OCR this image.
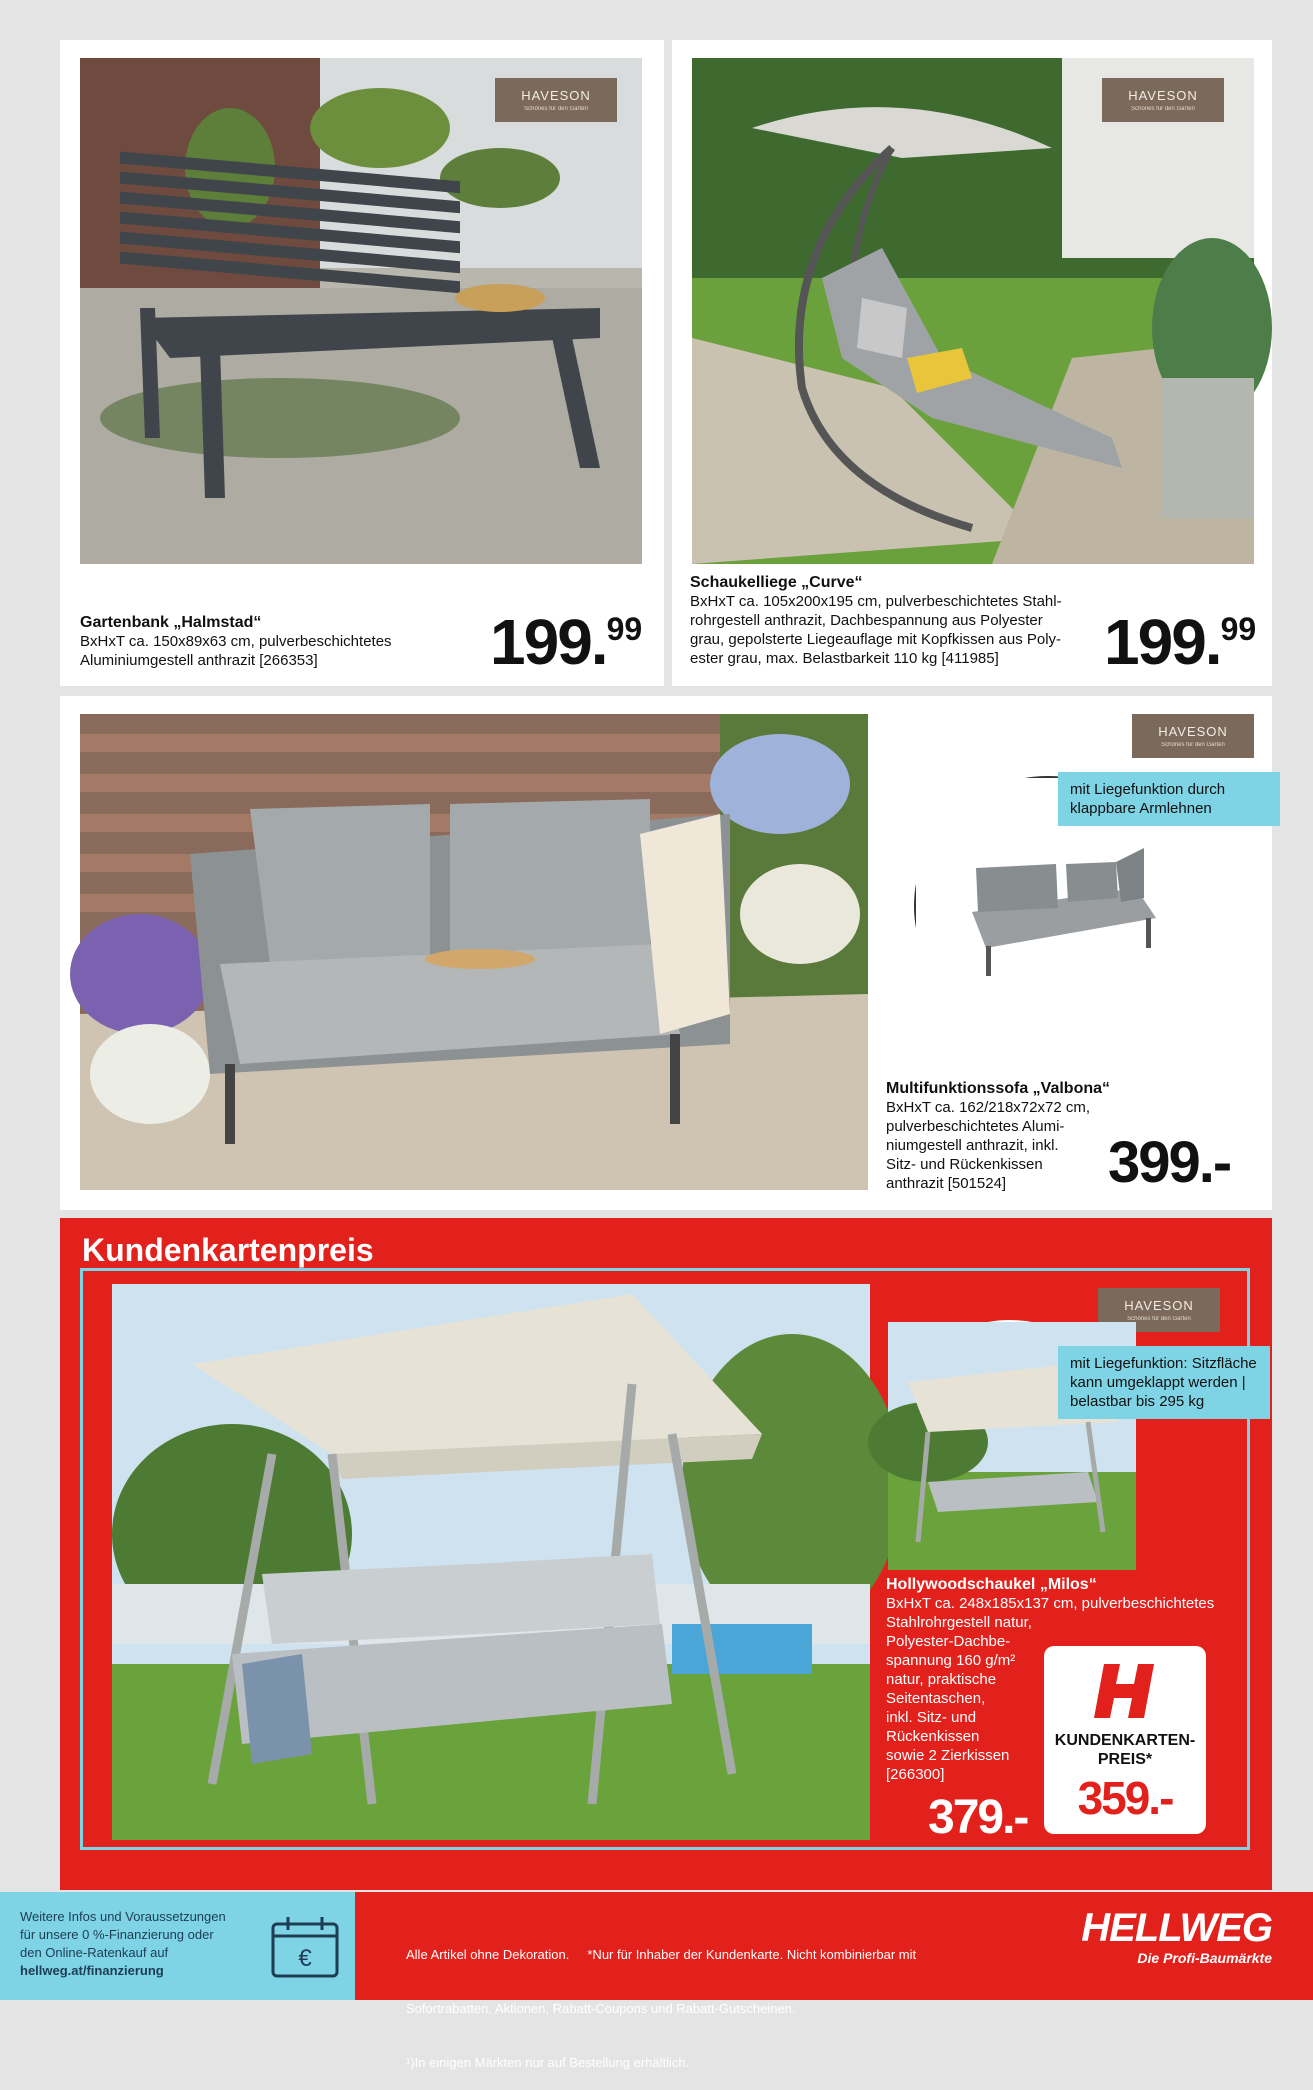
HAVESON
Schönes für den Garten
Gartenbank „Halmstad“
BxHxT ca. 150x89x63 cm, pulverbeschichtetes
Aluminiumgestell anthrazit [266353]	199.99
HAVESON
Schönes für den Garten
Schaukelliege „Curve“
BxHxT ca. 105x200x195 cm, pulverbeschichtetes Stahl-
rohrgestell anthrazit, Dachbespannung aus Polyester
grau, gepolsterte Liegeauflage mit Kopfkissen aus Poly-
ester grau, max. Belastbarkeit 110 kg [411985]	199.99
HAVESON
Schönes für den Garten
mit Liegefunktion durch
klappbare Armlehnen
Multifunktionssofa „Valbona“
BxHxT ca. 162/218x72x72 cm,
pulverbeschichtetes Alumi-
niumgestell anthrazit, inkl.
Sitz- und Rückenkissen
anthrazit [501524]	399.-
Kundenkartenpreis
HAVESON
Schönes für den Garten
mit Liegefunktion: Sitzfläche
kann umgeklappt werden |
belastbar bis 295 kg
Hollywoodschaukel „Milos“
BxHxT ca. 248x185x137 cm, pulverbeschichtetes
Stahlrohrgestell natur,
Polyester-Dachbe-
spannung 160 g/m²
natur, praktische
Seitentaschen,
inkl. Sitz- und
Rückenkissen
sowie 2 Zierkissen
[266300]
379.-
KUNDENKARTEN-
PREIS*
359.-
Weitere Infos und Voraussetzungen
für unsere 0 %-Finanzierung oder
den Online-Ratenkauf auf
hellweg.at/finanzierung	€

	Alle Artikel ohne Dekoration.     *Nur für Inhaber der Kundenkarte. Nicht kombinierbar mit

Sofortrabatten, Aktionen, Rabatt-Coupons und Rabatt-Gutscheinen.

¹)In einigen Märkten nur auf Bestellung erhältlich.

HELLWEG
Die Profi-Baumärkte
